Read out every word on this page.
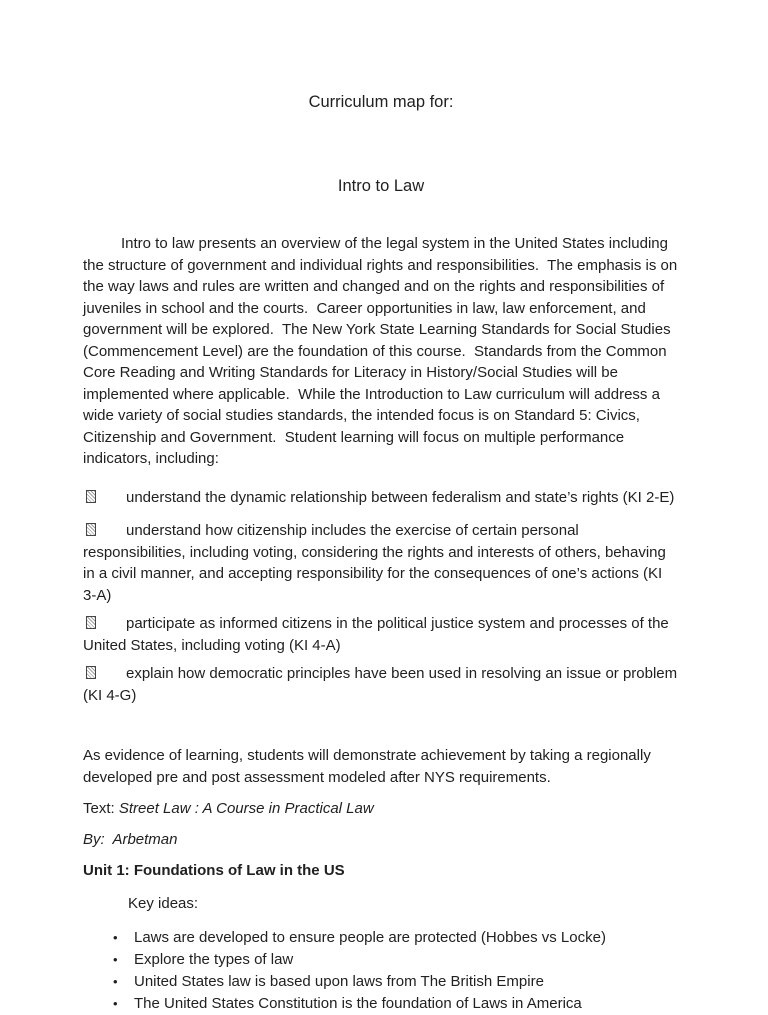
Curriculum map for:

Intro to Law

Intro to law presents an overview of the legal system in the United States including the structure of government and individual rights and responsibilities.  The emphasis is on the way laws and rules are written and changed and on the rights and responsibilities of juveniles in school and the courts.  Career opportunities in law, law enforcement, and government will be explored.  The New York State Learning Standards for Social Studies (Commencement Level) are the foundation of this course.  Standards from the Common Core Reading and Writing Standards for Literacy in History/Social Studies will be implemented where applicable.  While the Introduction to Law curriculum will address a wide variety of social studies standards, the intended focus is on Standard 5: Civics, Citizenship and Government.  Student learning will focus on multiple performance indicators, including:

understand the dynamic relationship between federalism and state’s rights (KI 2-E)

understand how citizenship includes the exercise of certain personal responsibilities, including voting, considering the rights and interests of others, behaving in a civil manner, and accepting responsibility for the consequences of one’s actions (KI 3-A)

participate as informed citizens in the political justice system and processes of the United States, including voting (KI 4-A)

explain how democratic principles have been used in resolving an issue or problem (KI 4-G)

As evidence of learning, students will demonstrate achievement by taking a regionally developed pre and post assessment modeled after NYS requirements.

Text: Street Law : A Course in Practical Law

By:  Arbetman

Unit 1: Foundations of Law in the US

Key ideas:

• Laws are developed to ensure people are protected (Hobbes vs Locke)
• Explore the types of law
• United States law is based upon laws from The British Empire
• The United States Constitution is the foundation of Laws in America
